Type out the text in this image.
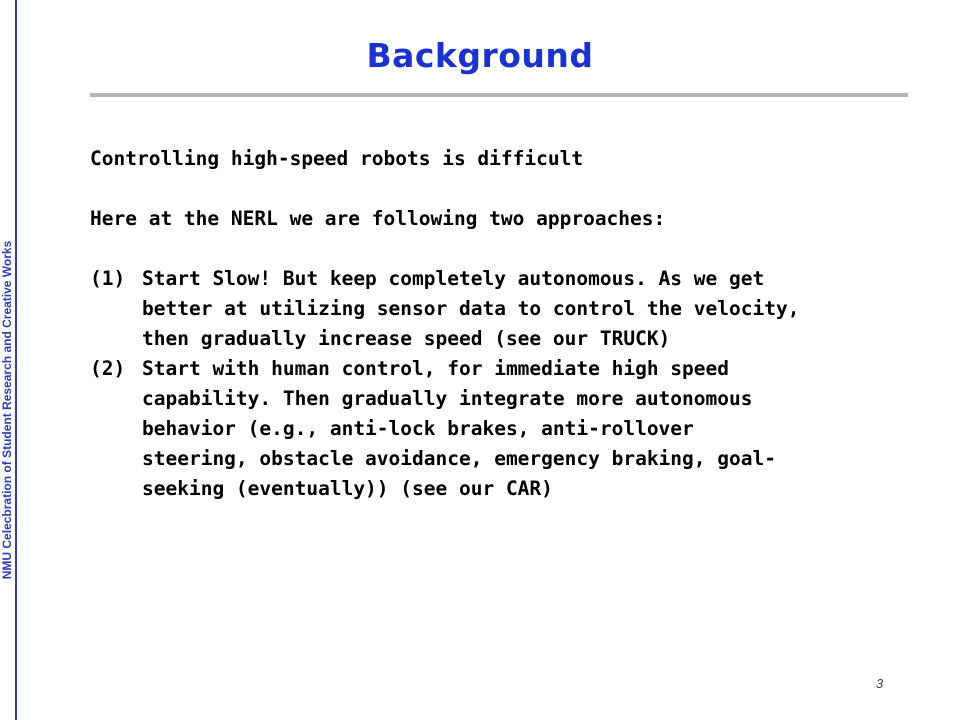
NMU Celecbration of Student Research and Creative Works
Background

Controlling high-speed robots is difficult

Here at the NERL we are following two approaches:

(1) Start Slow! But keep completely autonomous. As we get better at utilizing sensor data to control the velocity, then gradually increase speed (see our TRUCK)
(2) Start with human control, for immediate high speed capability. Then gradually integrate more autonomous behavior (e.g., anti-lock brakes, anti-rollover steering, obstacle avoidance, emergency braking, goal-seeking (eventually)) (see our CAR)
3
